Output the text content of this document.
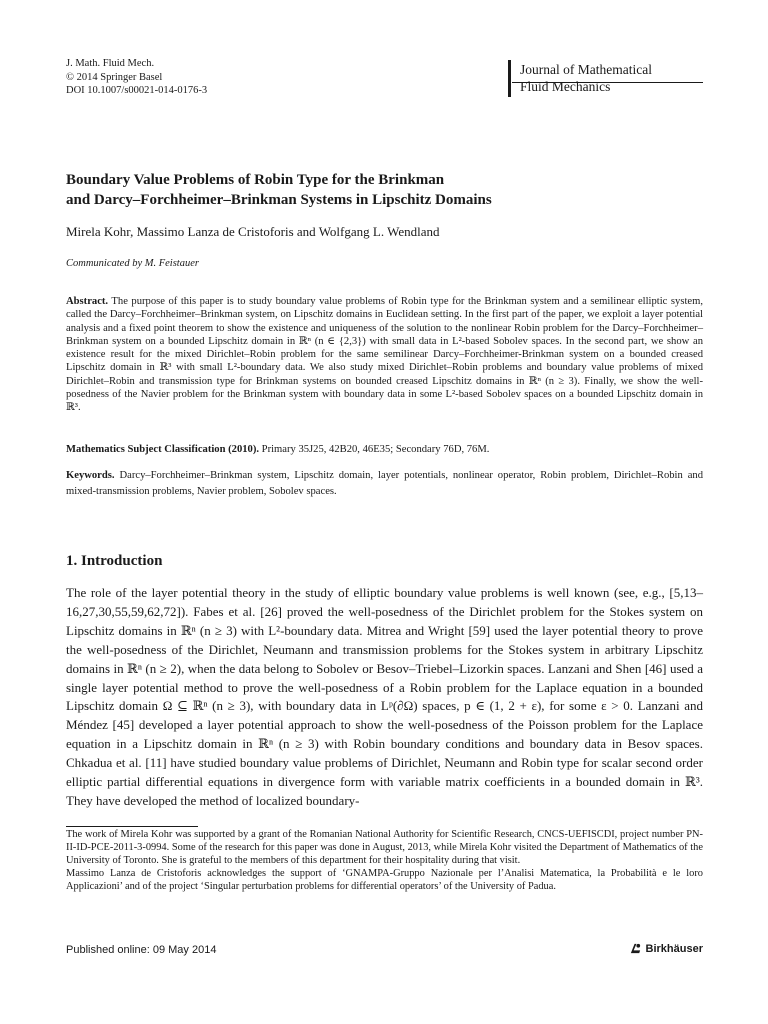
J. Math. Fluid Mech.
© 2014 Springer Basel
DOI 10.1007/s00021-014-0176-3
Journal of Mathematical
Fluid Mechanics
Boundary Value Problems of Robin Type for the Brinkman
and Darcy–Forchheimer–Brinkman Systems in Lipschitz Domains
Mirela Kohr, Massimo Lanza de Cristoforis and Wolfgang L. Wendland
Communicated by M. Feistauer
Abstract. The purpose of this paper is to study boundary value problems of Robin type for the Brinkman system and a semilinear elliptic system, called the Darcy–Forchheimer–Brinkman system, on Lipschitz domains in Euclidean setting. In the first part of the paper, we exploit a layer potential analysis and a fixed point theorem to show the existence and uniqueness of the solution to the nonlinear Robin problem for the Darcy–Forchheimer–Brinkman system on a bounded Lipschitz domain in ℝⁿ (n ∈ {2,3}) with small data in L²-based Sobolev spaces. In the second part, we show an existence result for the mixed Dirichlet–Robin problem for the same semilinear Darcy–Forchheimer-Brinkman system on a bounded creased Lipschitz domain in ℝ³ with small L²-boundary data. We also study mixed Dirichlet–Robin problems and boundary value problems of mixed Dirichlet–Robin and transmission type for Brinkman systems on bounded creased Lipschitz domains in ℝⁿ (n ≥ 3). Finally, we show the well-posedness of the Navier problem for the Brinkman system with boundary data in some L²-based Sobolev spaces on a bounded Lipschitz domain in ℝ³.
Mathematics Subject Classification (2010). Primary 35J25, 42B20, 46E35; Secondary 76D, 76M.
Keywords. Darcy–Forchheimer–Brinkman system, Lipschitz domain, layer potentials, nonlinear operator, Robin problem, Dirichlet–Robin and mixed-transmission problems, Navier problem, Sobolev spaces.
1. Introduction
The role of the layer potential theory in the study of elliptic boundary value problems is well known (see, e.g., [5,13–16,27,30,55,59,62,72]). Fabes et al. [26] proved the well-posedness of the Dirichlet problem for the Stokes system on Lipschitz domains in ℝⁿ (n ≥ 3) with L²-boundary data. Mitrea and Wright [59] used the layer potential theory to prove the well-posedness of the Dirichlet, Neumann and transmission problems for the Stokes system in arbitrary Lipschitz domains in ℝⁿ (n ≥ 2), when the data belong to Sobolev or Besov–Triebel–Lizorkin spaces. Lanzani and Shen [46] used a single layer potential method to prove the well-posedness of a Robin problem for the Laplace equation in a bounded Lipschitz domain Ω ⊆ ℝⁿ (n ≥ 3), with boundary data in Lᵖ(∂Ω) spaces, p ∈ (1, 2 + ε), for some ε > 0. Lanzani and Méndez [45] developed a layer potential approach to show the well-posedness of the Poisson problem for the Laplace equation in a Lipschitz domain in ℝⁿ (n ≥ 3) with Robin boundary conditions and boundary data in Besov spaces. Chkadua et al. [11] have studied boundary value problems of Dirichlet, Neumann and Robin type for scalar second order elliptic partial differential equations in divergence form with variable matrix coefficients in a bounded domain in ℝ³. They have developed the method of localized boundary-
The work of Mirela Kohr was supported by a grant of the Romanian National Authority for Scientific Research, CNCS-UEFISCDI, project number PN-II-ID-PCE-2011-3-0994. Some of the research for this paper was done in August, 2013, while Mirela Kohr visited the Department of Mathematics of the University of Toronto. She is grateful to the members of this department for their hospitality during that visit.
Massimo Lanza de Cristoforis acknowledges the support of ‘GNAMPA-Gruppo Nazionale per l’Analisi Matematica, la Probabilità e le loro Applicazioni’ and of the project ‘Singular perturbation problems for differential operators’ of the University of Padua.
Published online: 09 May 2014	Birkhäuser
